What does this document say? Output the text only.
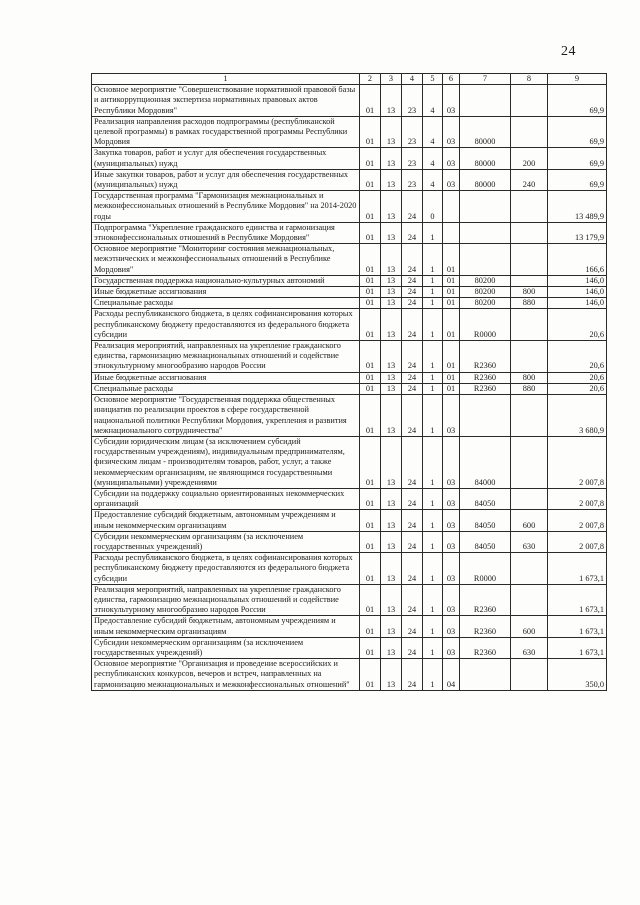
24
1	2	3	4	5	6	7	8	9
Основное мероприятие "Совершенствование нормативной правовой базы и антикоррупционная экспертиза нормативных правовых актов Республики Мордовия"	01	13	23	4	03			69,9
Реализация направления расходов подпрограммы (республиканской целевой программы) в рамках государственной программы Республики Мордовия	01	13	23	4	03	80000		69,9
Закупка товаров, работ и услуг для обеспечения государственных (муниципальных) нужд	01	13	23	4	03	80000	200	69,9
Иные закупки товаров, работ и услуг для обеспечения государственных (муниципальных) нужд	01	13	23	4	03	80000	240	69,9
Государственная программа "Гармонизация межнациональных и межконфессиональных отношений в Республике Мордовия" на 2014-2020 годы	01	13	24	0				13 489,9
Подпрограмма "Укрепление гражданского единства и гармонизация этноконфессиональных отношений в Республике Мордовия"	01	13	24	1				13 179,9
Основное мероприятие "Мониторинг состояния межнациональных, межэтнических и межконфессиональных отношений в Республике Мордовия"	01	13	24	1	01			166,6
Государственная поддержка национально-культурных автономий	01	13	24	1	01	80200		146,0
Иные бюджетные ассигнования	01	13	24	1	01	80200	800	146,0
Специальные расходы	01	13	24	1	01	80200	880	146,0
Расходы республиканского бюджета, в целях софинансирования которых республиканскому бюджету предоставляются из федерального бюджета субсидии	01	13	24	1	01	R0000		20,6
Реализация мероприятий, направленных на укрепление гражданского единства, гармонизацию межнациональных отношений и содействие этнокультурному многообразию народов России	01	13	24	1	01	R2360		20,6
Иные бюджетные ассигнования	01	13	24	1	01	R2360	800	20,6
Специальные расходы	01	13	24	1	01	R2360	880	20,6
Основное мероприятие "Государственная поддержка общественных инициатив по реализации проектов в сфере государственной национальной политики Республики Мордовия, укрепления и развития межнационального сотрудничества"	01	13	24	1	03			3 680,9
Субсидии юридическим лицам (за исключением субсидий государственным учреждениям), индивидуальным предпринимателям, физическим лицам - производителям товаров, работ, услуг, а также некоммерческим организациям, не являющимся государственными (муниципальными) учреждениями	01	13	24	1	03	84000		2 007,8
Субсидии на поддержку социально ориентированных некоммерческих организаций	01	13	24	1	03	84050		2 007,8
Предоставление субсидий бюджетным, автономным учреждениям и иным некоммерческим организациям	01	13	24	1	03	84050	600	2 007,8
Субсидии некоммерческим организациям (за исключением государственных учреждений)	01	13	24	1	03	84050	630	2 007,8
Расходы республиканского бюджета, в целях софинансирования которых республиканскому бюджету предоставляются из федерального бюджета субсидии	01	13	24	1	03	R0000		1 673,1
Реализация мероприятий, направленных на укрепление гражданского единства, гармонизацию межнациональных отношений и содействие этнокультурному многообразию народов России	01	13	24	1	03	R2360		1 673,1
Предоставление субсидий бюджетным, автономным учреждениям и иным некоммерческим организациям	01	13	24	1	03	R2360	600	1 673,1
Субсидии некоммерческим организациям (за исключением государственных учреждений)	01	13	24	1	03	R2360	630	1 673,1
Основное мероприятие "Организация и проведение всероссийских и республиканских конкурсов, вечеров и встреч, направленных на гармонизацию межнациональных и межконфессиональных отношений"	01	13	24	1	04			350,0
